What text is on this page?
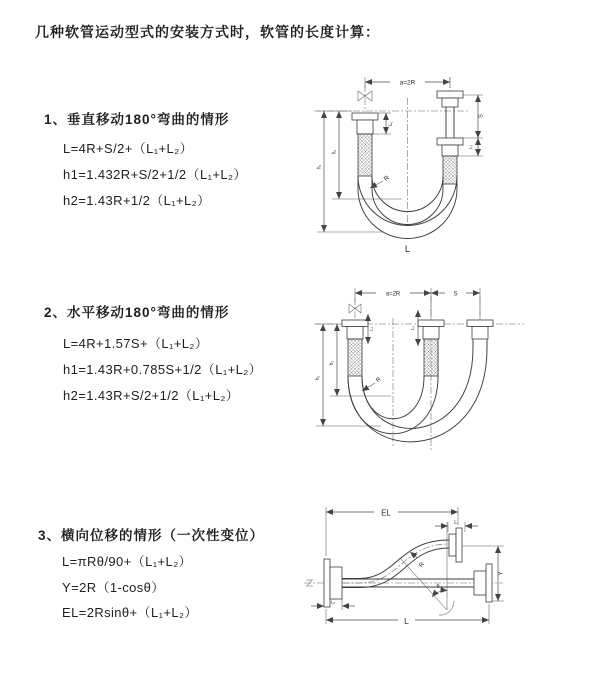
几种软管运动型式的安装方式时，软管的长度计算：
1、垂直移动180°弯曲的情形
L=4R+S/2+（L₁+L₂）
h1=1.432R+S/2+1/2（L₁+L₂）
h2=1.43R+1/2（L₁+L₂）
2、水平移动180°弯曲的情形
L=4R+1.57S+（L₁+L₂）
h1=1.43R+0.785S+1/2（L₁+L₂）
h2=1.43R+S/2+1/2（L₁+L₂）
3、横向位移的情形（一次性变位）
L=πRθ/90+（L₁+L₂）
Y=2R（1-cosθ）
EL=2Rsinθ+（L₁+L₂）
a=2R
L₁
S
L₂
R
h₂
h₁
L
a=2R	S
L₁	L₂
R
h₂
h₁
EL
L₁
θ
R
Y
L₂
L
